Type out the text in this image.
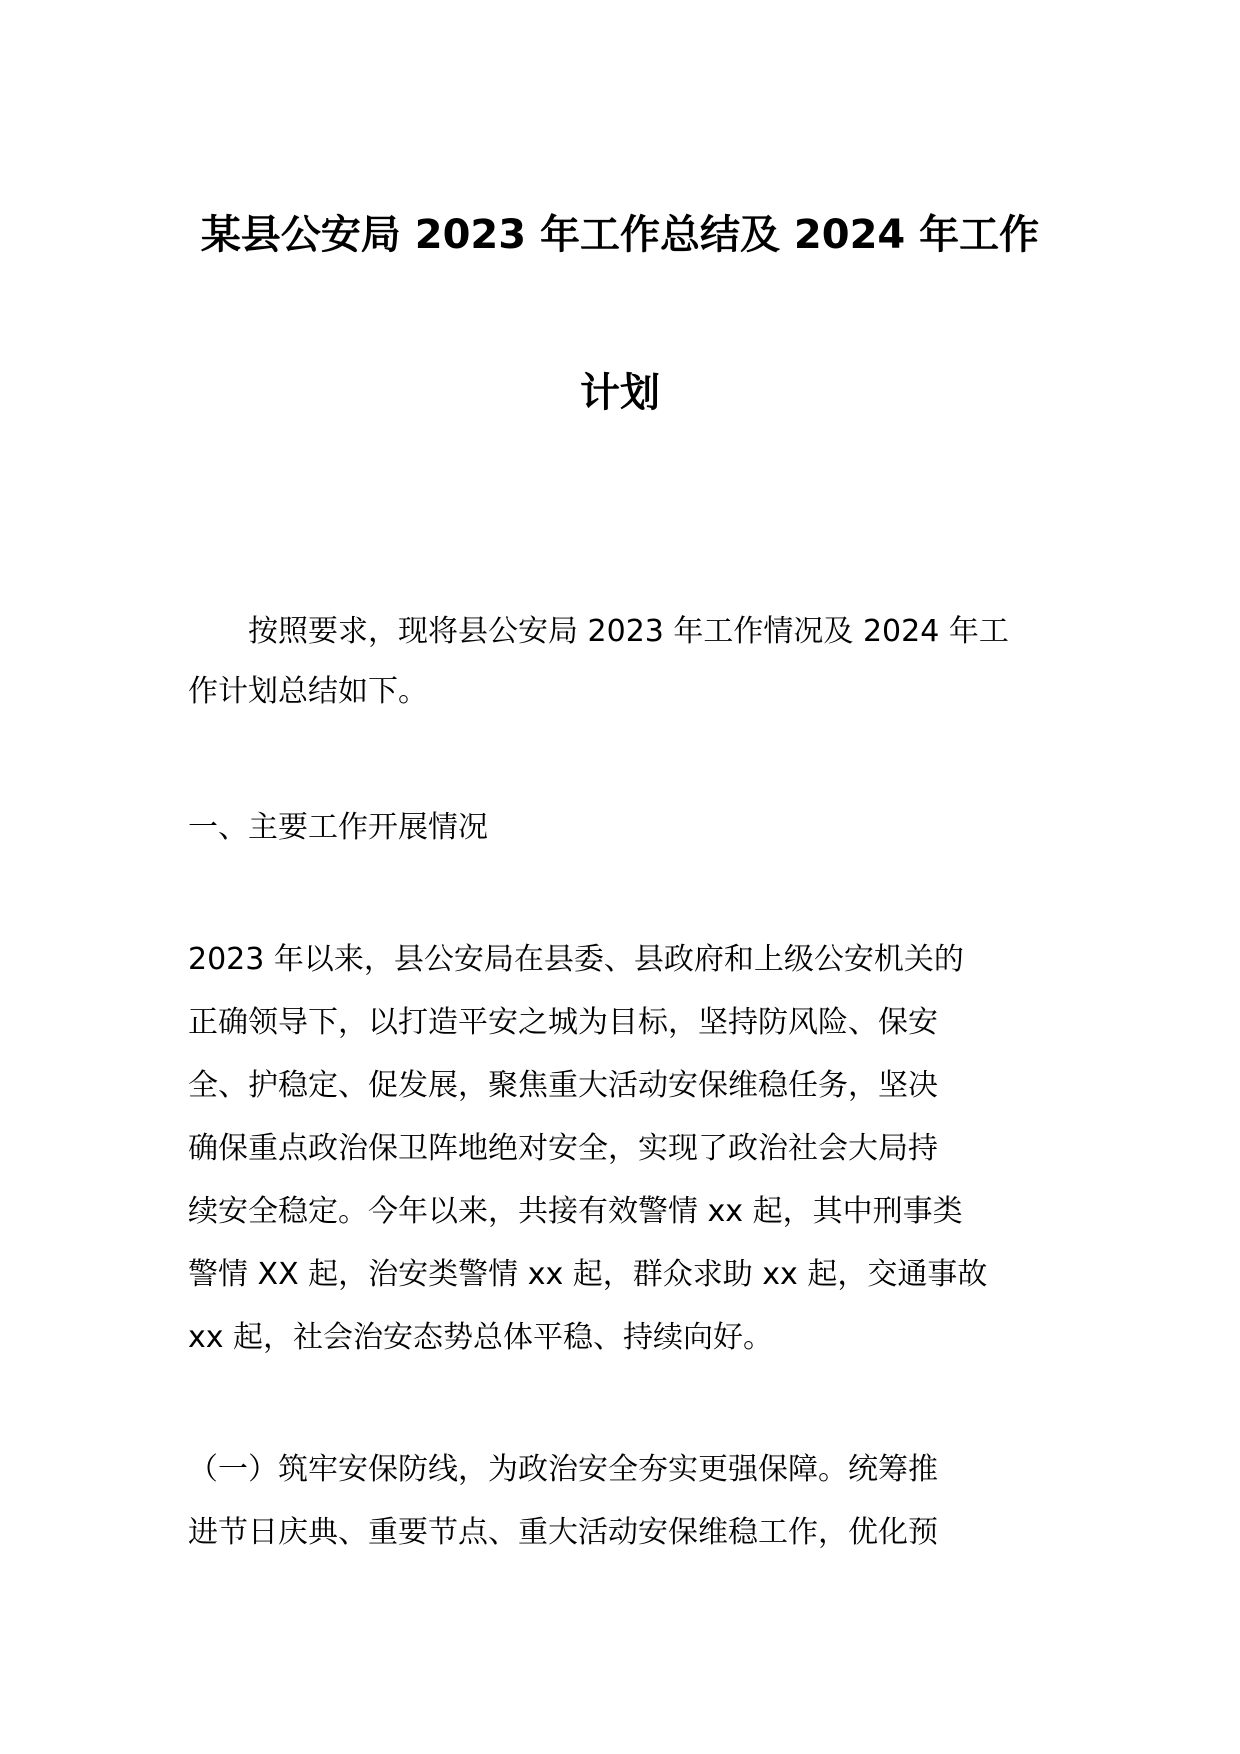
某县公安局 2023 年工作总结及 2024 年工作
计划
　　按照要求，现将县公安局 2023 年工作情况及 2024 年工
作计划总结如下。
一、主要工作开展情况
2023 年以来，县公安局在县委、县政府和上级公安机关的
正确领导下，以打造平安之城为目标，坚持防风险、保安
全、护稳定、促发展，聚焦重大活动安保维稳任务，坚决
确保重点政治保卫阵地绝对安全，实现了政治社会大局持
续安全稳定。今年以来，共接有效警情 xx 起，其中刑事类
警情 XX 起，治安类警情 xx 起，群众求助 xx 起，交通事故
xx 起，社会治安态势总体平稳、持续向好。
（一）筑牢安保防线，为政治安全夯实更强保障。统筹推
进节日庆典、重要节点、重大活动安保维稳工作，优化预
